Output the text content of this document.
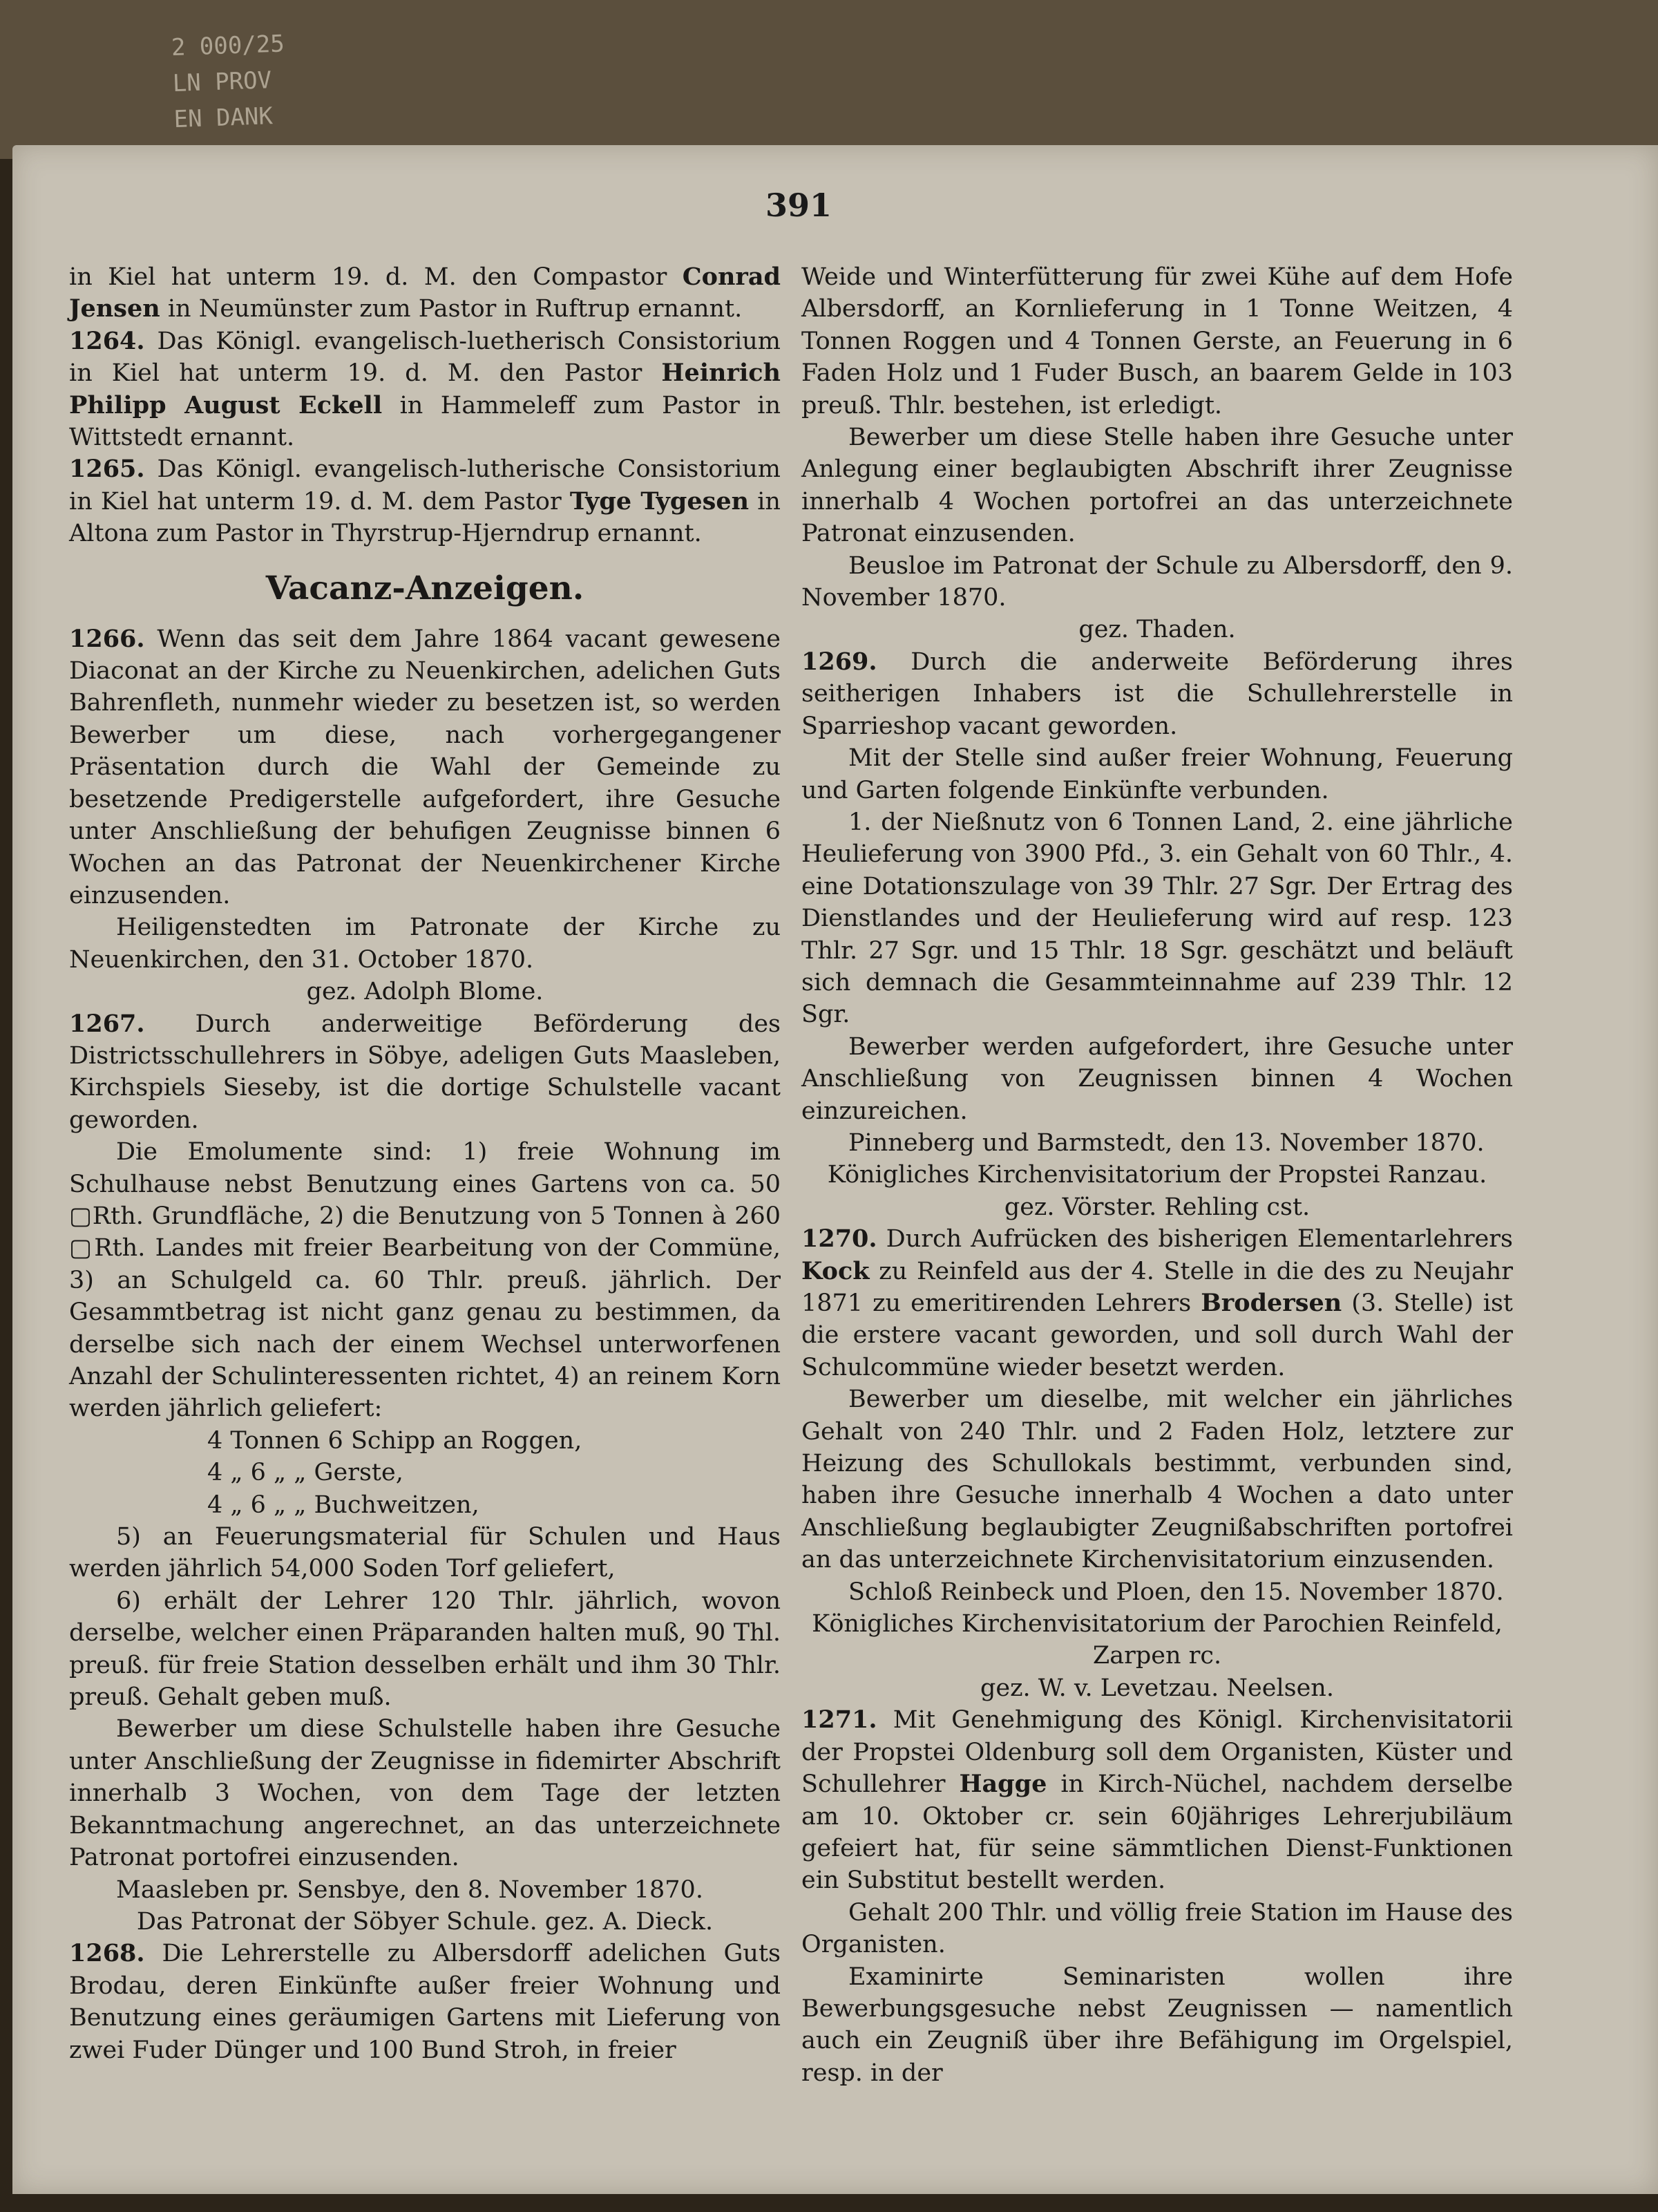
2 000/25
LN PROV
EN DANK
391

in Kiel hat unterm 19. d. M. den Compastor Conrad Jensen in Neumünster zum Pastor in Ruftrup ernannt.

1264. Das Königl. evangelisch-luetherisch Consistorium in Kiel hat unterm 19. d. M. den Pastor Heinrich Philipp August Eckell in Hammeleff zum Pastor in Wittstedt ernannt.

1265. Das Königl. evangelisch-lutherische Consistorium in Kiel hat unterm 19. d. M. dem Pastor Tyge Tygesen in Altona zum Pastor in Thyrstrup-Hjerndrup ernannt.

Vacanz-Anzeigen.

1266. Wenn das seit dem Jahre 1864 vacant gewesene Diaconat an der Kirche zu Neuenkirchen, adelichen Guts Bahrenfleth, nunmehr wieder zu besetzen ist, so werden Bewerber um diese, nach vorhergegangener Präsentation durch die Wahl der Gemeinde zu besetzende Predigerstelle aufgefordert, ihre Gesuche unter Anschließung der behufigen Zeugnisse binnen 6 Wochen an das Patronat der Neuenkirchener Kirche einzusenden.

Heiligenstedten im Patronate der Kirche zu Neuenkirchen, den 31. October 1870.

gez. Adolph Blome.

1267. Durch anderweitige Beförderung des Districtsschullehrers in Söbye, adeligen Guts Maasleben, Kirchspiels Sieseby, ist die dortige Schulstelle vacant geworden.

Die Emolumente sind: 1) freie Wohnung im Schulhause nebst Benutzung eines Gartens von ca. 50 ▢Rth. Grundfläche, 2) die Benutzung von 5 Tonnen à 260 ▢Rth. Landes mit freier Bearbeitung von der Commüne, 3) an Schulgeld ca. 60 Thlr. preuß. jährlich. Der Gesammtbetrag ist nicht ganz genau zu bestimmen, da derselbe sich nach der einem Wechsel unterworfenen Anzahl der Schulinteressenten richtet, 4) an reinem Korn werden jährlich geliefert:

4 Tonnen 6 Schipp an Roggen,
4 „ 6 „ „ Gerste,
4 „ 6 „ „ Buchweitzen,

5) an Feuerungsmaterial für Schulen und Haus werden jährlich 54,000 Soden Torf geliefert,

6) erhält der Lehrer 120 Thlr. jährlich, wovon derselbe, welcher einen Präparanden halten muß, 90 Thl. preuß. für freie Station desselben erhält und ihm 30 Thlr. preuß. Gehalt geben muß.

Bewerber um diese Schulstelle haben ihre Gesuche unter Anschließung der Zeugnisse in fidemirter Abschrift innerhalb 3 Wochen, von dem Tage der letzten Bekanntmachung angerechnet, an das unterzeichnete Patronat portofrei einzusenden.

Maasleben pr. Sensbye, den 8. November 1870.

Das Patronat der Söbyer Schule. gez. A. Dieck.

1268. Die Lehrerstelle zu Albersdorff adelichen Guts Brodau, deren Einkünfte außer freier Wohnung und Benutzung eines geräumigen Gartens mit Lieferung von zwei Fuder Dünger und 100 Bund Stroh, in freier

Weide und Winterfütterung für zwei Kühe auf dem Hofe Albersdorff, an Kornlieferung in 1 Tonne Weitzen, 4 Tonnen Roggen und 4 Tonnen Gerste, an Feuerung in 6 Faden Holz und 1 Fuder Busch, an baarem Gelde in 103 preuß. Thlr. bestehen, ist erledigt.

Bewerber um diese Stelle haben ihre Gesuche unter Anlegung einer beglaubigten Abschrift ihrer Zeugnisse innerhalb 4 Wochen portofrei an das unterzeichnete Patronat einzusenden.

Beusloe im Patronat der Schule zu Albersdorff, den 9. November 1870.

gez. Thaden.

1269. Durch die anderweite Beförderung ihres seitherigen Inhabers ist die Schullehrerstelle in Sparrieshop vacant geworden.

Mit der Stelle sind außer freier Wohnung, Feuerung und Garten folgende Einkünfte verbunden.

1. der Nießnutz von 6 Tonnen Land, 2. eine jährliche Heulieferung von 3900 Pfd., 3. ein Gehalt von 60 Thlr., 4. eine Dotationszulage von 39 Thlr. 27 Sgr. Der Ertrag des Dienstlandes und der Heulieferung wird auf resp. 123 Thlr. 27 Sgr. und 15 Thlr. 18 Sgr. geschätzt und beläuft sich demnach die Gesammteinnahme auf 239 Thlr. 12 Sgr.

Bewerber werden aufgefordert, ihre Gesuche unter Anschließung von Zeugnissen binnen 4 Wochen einzureichen.

Pinneberg und Barmstedt, den 13. November 1870.

Königliches Kirchenvisitatorium der Propstei Ranzau.

gez. Vörster. Rehling cst.

1270. Durch Aufrücken des bisherigen Elementarlehrers Kock zu Reinfeld aus der 4. Stelle in die des zu Neujahr 1871 zu emeritirenden Lehrers Brodersen (3. Stelle) ist die erstere vacant geworden, und soll durch Wahl der Schulcommüne wieder besetzt werden.

Bewerber um dieselbe, mit welcher ein jährliches Gehalt von 240 Thlr. und 2 Faden Holz, letztere zur Heizung des Schullokals bestimmt, verbunden sind, haben ihre Gesuche innerhalb 4 Wochen a dato unter Anschließung beglaubigter Zeugnißabschriften portofrei an das unterzeichnete Kirchenvisitatorium einzusenden.

Schloß Reinbeck und Ploen, den 15. November 1870.

Königliches Kirchenvisitatorium der Parochien Reinfeld, Zarpen rc.

gez. W. v. Levetzau. Neelsen.

1271. Mit Genehmigung des Königl. Kirchenvisitatorii der Propstei Oldenburg soll dem Organisten, Küster und Schullehrer Hagge in Kirch-Nüchel, nachdem derselbe am 10. Oktober cr. sein 60jähriges Lehrerjubiläum gefeiert hat, für seine sämmtlichen Dienst-Funktionen ein Substitut bestellt werden.

Gehalt 200 Thlr. und völlig freie Station im Hause des Organisten.

Examinirte Seminaristen wollen ihre Bewerbungsgesuche nebst Zeugnissen — namentlich auch ein Zeugniß über ihre Befähigung im Orgelspiel, resp. in der
